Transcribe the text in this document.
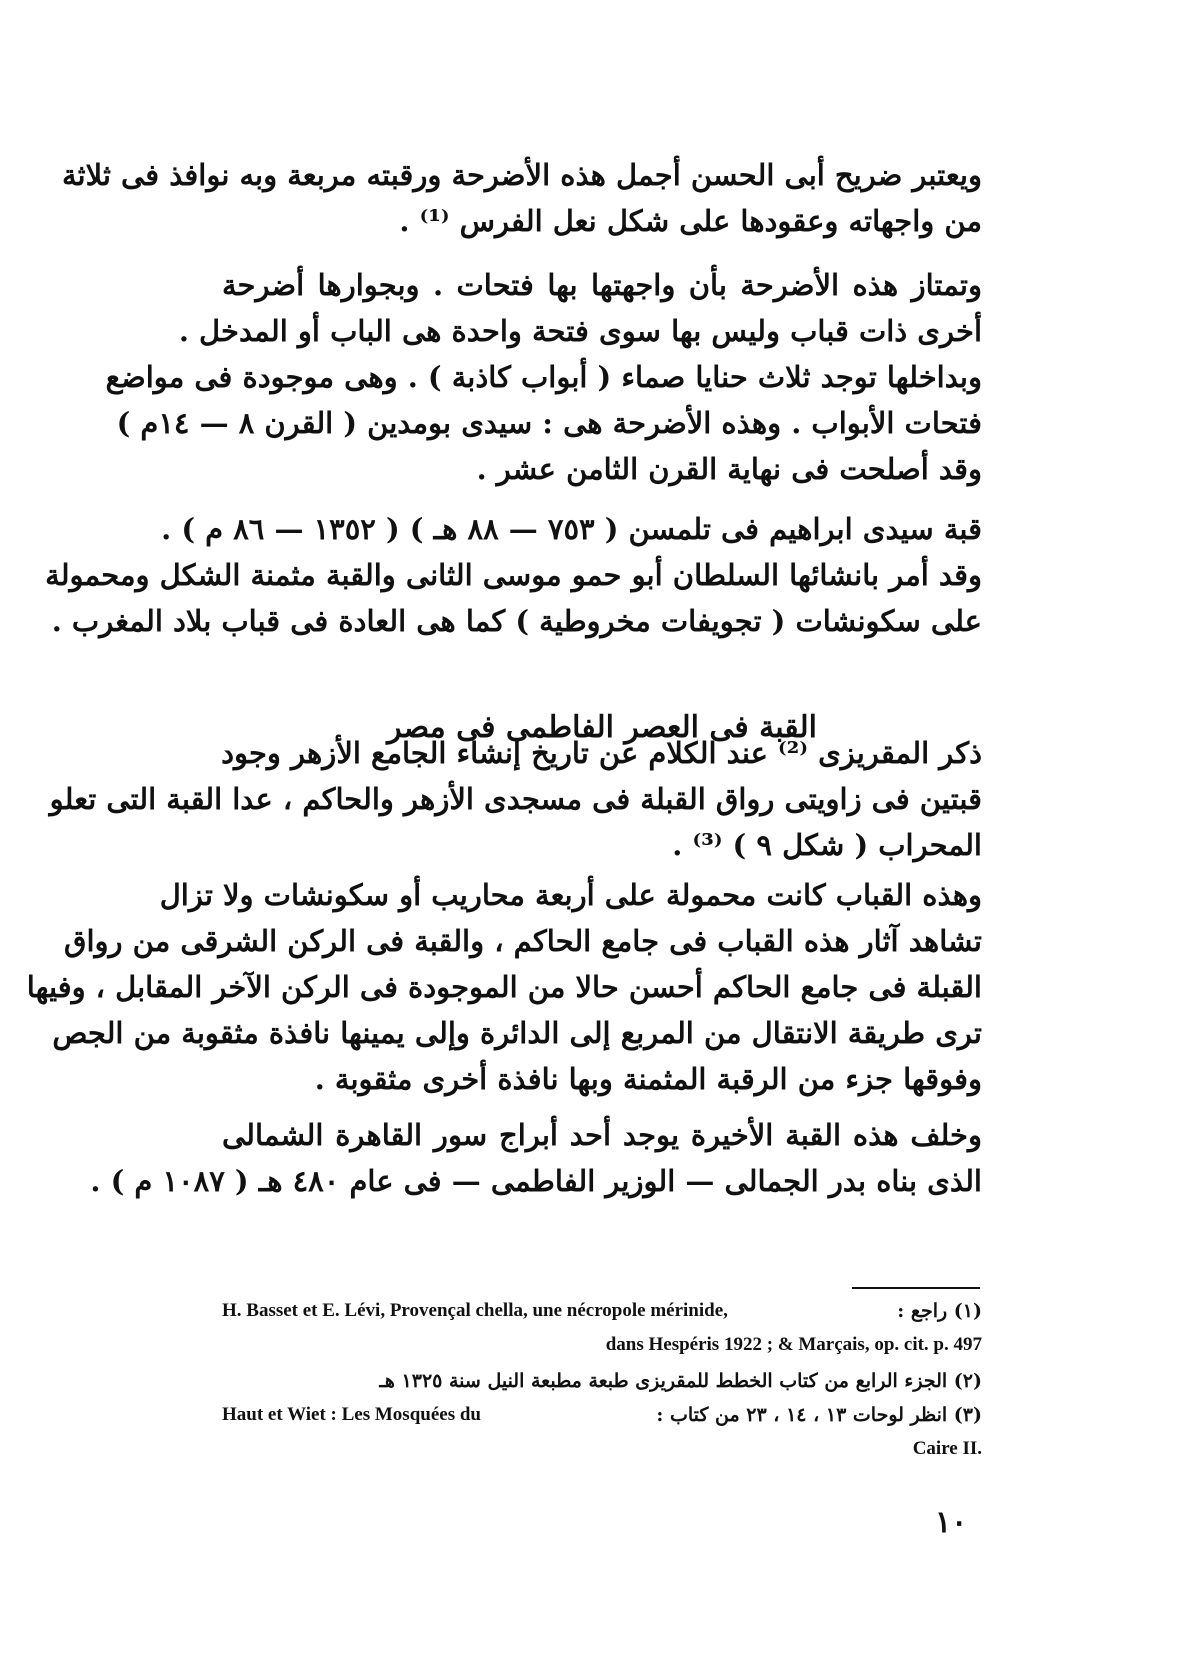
ويعتبر ضريح أبى الحسن أجمل هذه الأضرحة ورقبته مربعة وبه نوافذ فى ثلاثة
من واجهاته وعقودها على شكل نعل الفرس ⁽¹⁾ .
وتمتاز هذه الأضرحة بأن واجهتها بها فتحات . وبجوارها أضرحة
أخرى ذات قباب وليس بها سوى فتحة واحدة هى الباب أو المدخل .
وبداخلها توجد ثلاث حنايا صماء ( أبواب كاذبة ) . وهى موجودة فى مواضع
فتحات الأبواب . وهذه الأضرحة هى : سيدى بومدين ( القرن ٨ — ١٤م )
وقد أصلحت فى نهاية القرن الثامن عشر .
قبة سيدى ابراهيم فى تلمسن ( ٧٥٣ — ٨٨ هـ ) ( ١٣٥٢ — ٨٦ م ) .
وقد أمر بانشائها السلطان أبو حمو موسى الثانى والقبة مثمنة الشكل ومحمولة
على سكونشات ( تجويفات مخروطية ) كما هى العادة فى قباب بلاد المغرب .
القبة فى العصر الفاطمى فى مصر
ذكر المقريزى ⁽²⁾ عند الكلام عن تاريخ إنشاء الجامع الأزهر وجود
قبتين فى زاويتى رواق القبلة فى مسجدى الأزهر والحاكم ، عدا القبة التى تعلو
المحراب ( شكل ٩ ) ⁽³⁾ .
وهذه القباب كانت محمولة على أربعة محاريب أو سكونشات ولا تزال
تشاهد آثار هذه القباب فى جامع الحاكم ، والقبة فى الركن الشرقى من رواق
القبلة فى جامع الحاكم أحسن حالا من الموجودة فى الركن الآخر المقابل ، وفيها
ترى طريقة الانتقال من المربع إلى الدائرة وإلى يمينها نافذة مثقوبة من الجص
وفوقها جزء من الرقبة المثمنة وبها نافذة أخرى مثقوبة .
وخلف هذه القبة الأخيرة يوجد أحد أبراج سور القاهرة الشمالى
الذى بناه بدر الجمالى — الوزير الفاطمى — فى عام ٤٨٠ هـ ( ١٠٨٧ م ) .
H. Basset et E. Lévi, Provençal chella, une nécropole mérinide,	(١) راجع :
dans Hespéris 1922 ; & Marçais, op. cit. p. 497
(٢) الجزء الرابع من كتاب الخطط للمقريزى طبعة مطبعة النيل سنة ١٣٢٥ هـ
Haut et Wiet : Les Mosquées du	(٣) انظر لوحات ١٣ ، ١٤ ، ٢٣ من كتاب :
Caire II.
١٠
